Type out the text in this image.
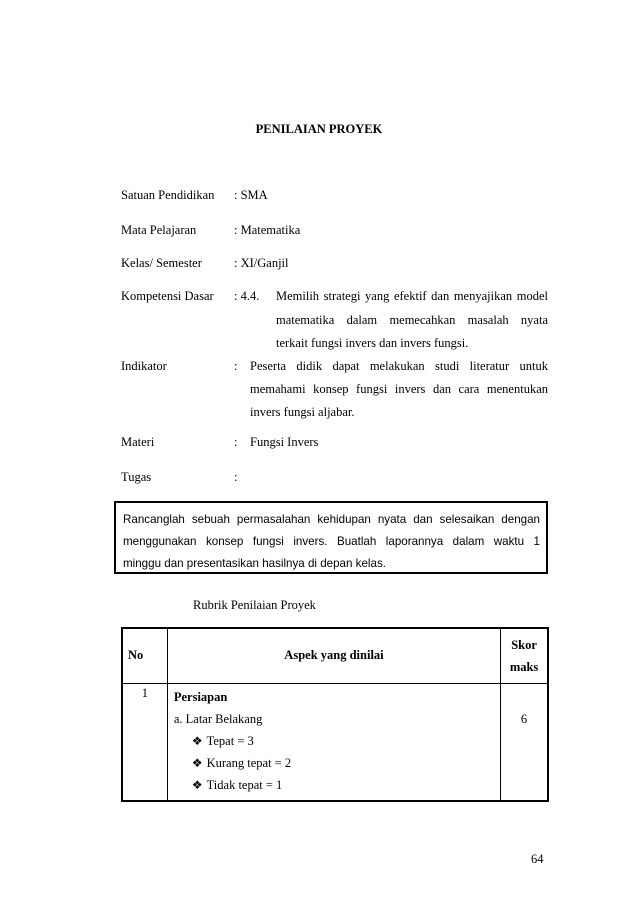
PENILAIAN PROYEK
Satuan Pendidikan : SMA
Mata Pelajaran	: Matematika
Kelas/ Semester	: XI/Ganjil
Kompetensi Dasar : 4.4. Memilih strategi yang efektif dan menyajikan model
matematika dalam memecahkan masalah nyata
terkait fungsi invers dan invers fungsi.
Indikator	: Peserta didik dapat melakukan studi literatur untuk
memahami konsep fungsi invers dan cara menentukan
invers fungsi aljabar.
Materi	: Fungsi Invers
Tugas	:
Rancanglah sebuah permasalahan kehidupan nyata dan selesaikan dengan
menggunakan konsep fungsi invers. Buatlah laporannya dalam waktu 1
minggu dan presentasikan hasilnya di depan kelas.
Rubrik Penilaian Proyek
No	Aspek yang dinilai	Skor
maks

1	Persiapan
a. Latar Belakang
❖ Tepat = 3
❖ Kurang tepat = 2
❖ Tidak tepat = 1	6
64
